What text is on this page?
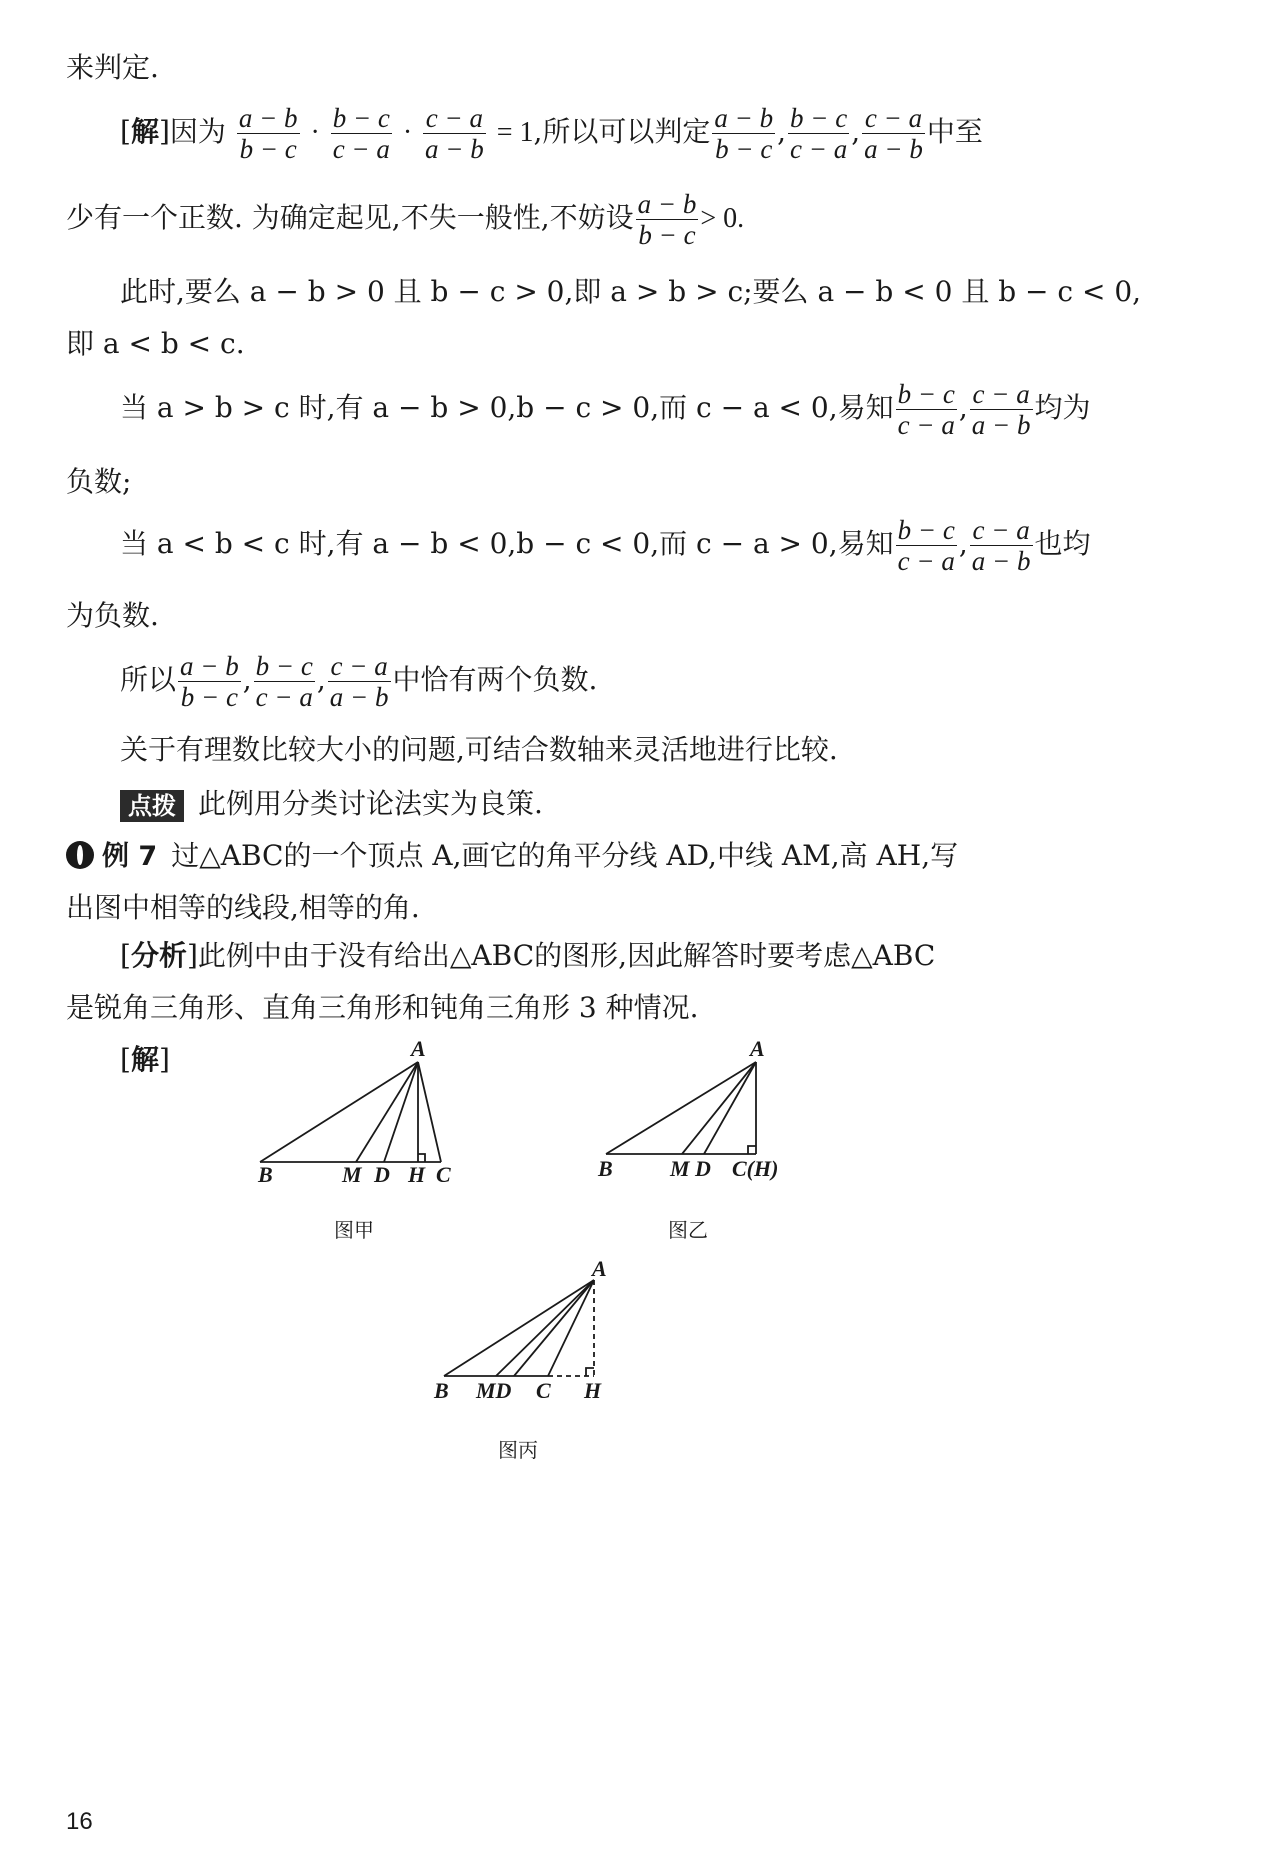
来判定.
[解]因为 $\frac{a - b}{b - c} \cdot \frac{b - c}{c - a} \cdot \frac{c - a}{a - b} = 1$,所以可以判定 $\frac{a - b}{b - c}$ , $\frac{b - c}{c - a}$ , $\frac{c - a}{a - b}$ 中至
少有一个正数. 为确定起见,不失一般性,不妨设 $\frac{a - b}{b - c} > 0$.
此时,要么 a − b > 0 且 b − c > 0,即 a > b > c;要么 a − b < 0 且 b − c < 0,
即 a < b < c.
当 a > b > c 时,有 a − b > 0,b − c > 0,而 c − a < 0,易知 $\frac{b - c}{c - a}$ , $\frac{c - a}{a - b}$ 均为
负数;
当 a < b < c 时,有 a − b < 0,b − c < 0,而 c − a > 0,易知 $\frac{b - c}{c - a}$ , $\frac{c - a}{a - b}$ 也均
为负数.
所以 $\frac{a - b}{b - c}$ , $\frac{b - c}{c - a}$ , $\frac{c - a}{a - b}$ 中恰有两个负数.
关于有理数比较大小的问题,可结合数轴来灵活地进行比较.
点拨 此例用分类讨论法实为良策.
例 7 过△ABC的一个顶点 A,画它的角平分线 AD,中线 AM,高 AH,写
出图中相等的线段,相等的角.
[分析]此例中由于没有给出△ABC的图形,因此解答时要考虑△ABC
是锐角三角形、直角三角形和钝角三角形 3 种情况.
[解]	A
B	M D H C
图甲
A
B	M D C(H)
图乙
A
B MD C H
图丙
16
